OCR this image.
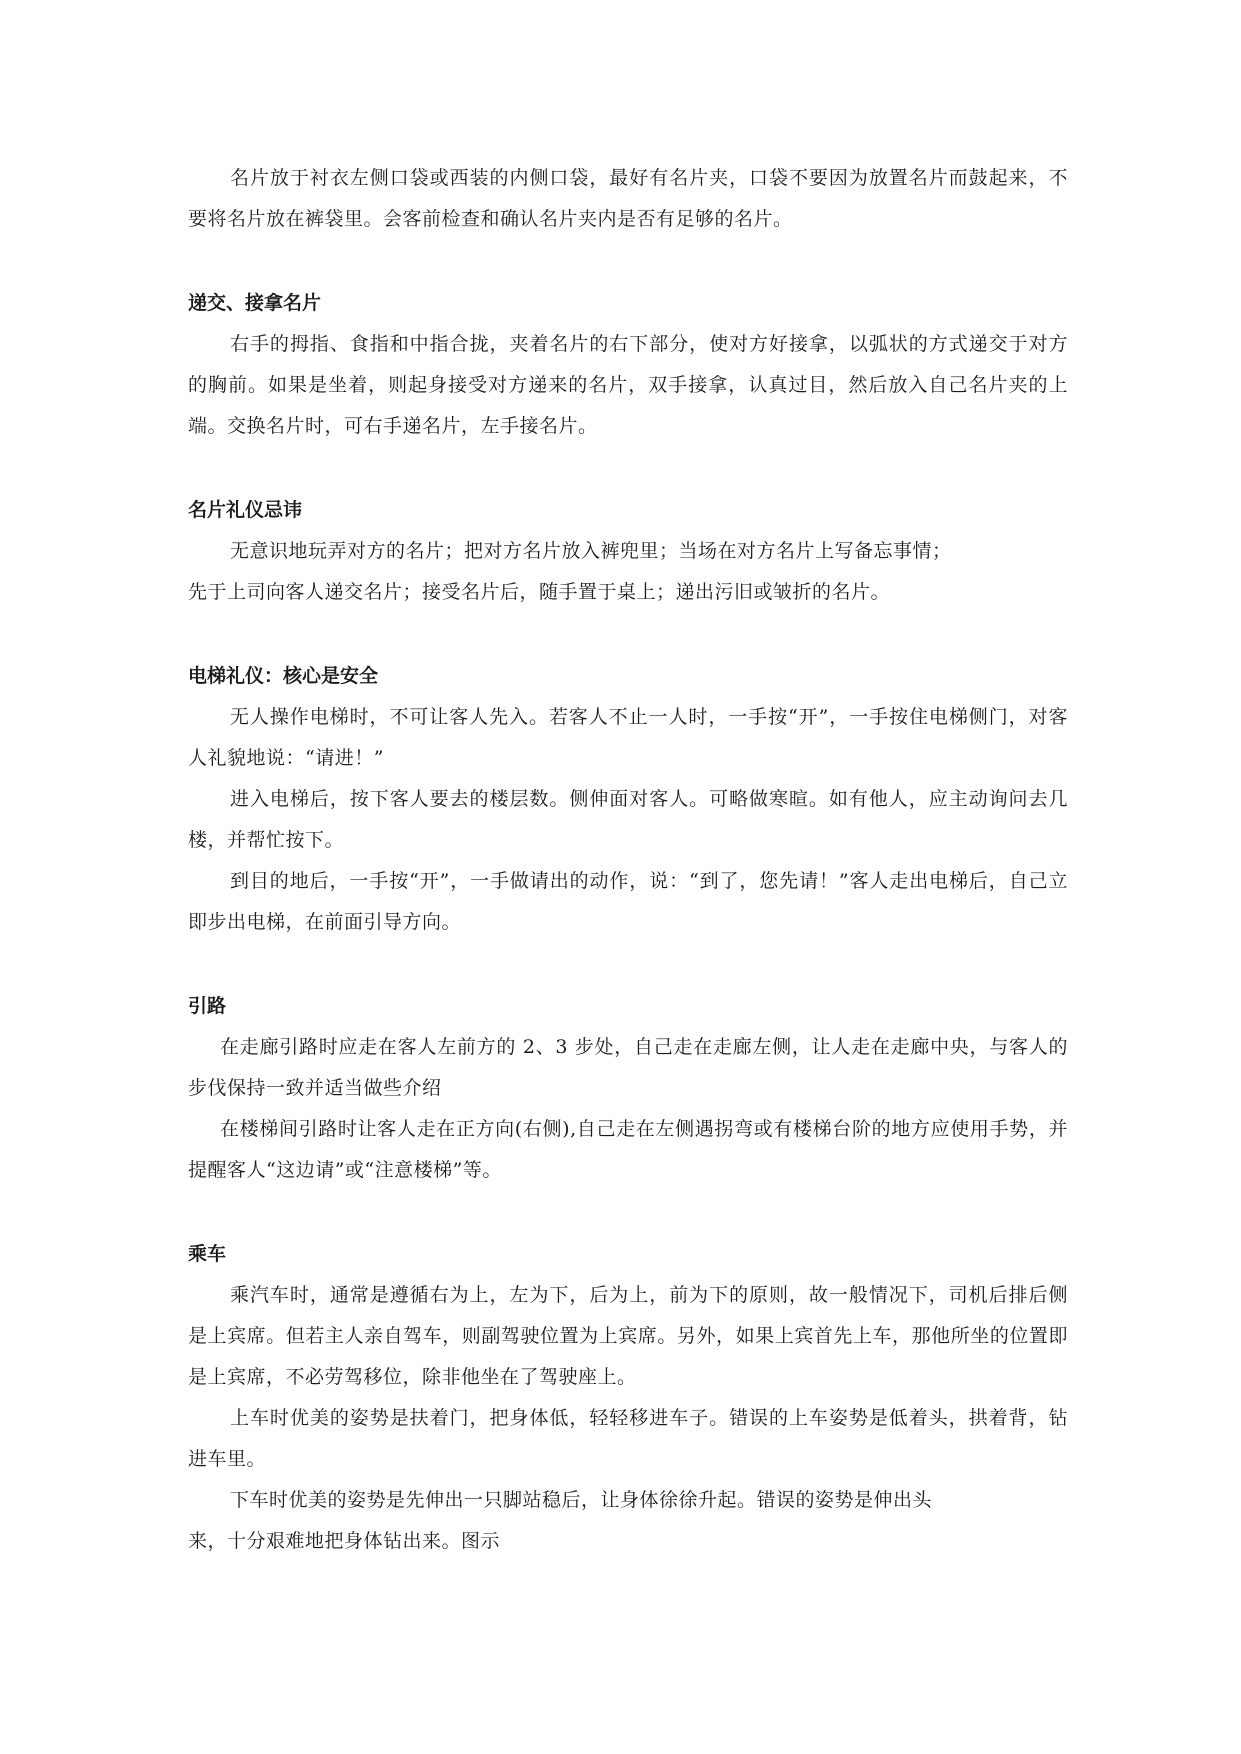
名片放于衬衣左侧口袋或西装的内侧口袋，最好有名片夹，口袋不要因为放置名片而鼓起来，不要将名片放在裤袋里。会客前检查和确认名片夹内是否有足够的名片。

递交、接拿名片

右手的拇指、食指和中指合拢，夹着名片的右下部分，使对方好接拿，以弧状的方式递交于对方的胸前。如果是坐着，则起身接受对方递来的名片，双手接拿，认真过目，然后放入自己名片夹的上端。交换名片时，可右手递名片，左手接名片。

名片礼仪忌讳

无意识地玩弄对方的名片；把对方名片放入裤兜里；当场在对方名片上写备忘事情；

先于上司向客人递交名片；接受名片后，随手置于桌上；递出污旧或皱折的名片。

电梯礼仪：核心是安全

无人操作电梯时，不可让客人先入。若客人不止一人时，一手按“开”，一手按住电梯侧门，对客人礼貌地说：“请进！”

进入电梯后，按下客人要去的楼层数。侧伸面对客人。可略做寒暄。如有他人，应主动询问去几楼，并帮忙按下。

到目的地后，一手按“开”，一手做请出的动作，说：“到了，您先请！”客人走出电梯后，自己立即步出电梯，在前面引导方向。

引路

在走廊引路时应走在客人左前方的 2、3 步处，自己走在走廊左侧，让人走在走廊中央，与客人的步伐保持一致并适当做些介绍

在楼梯间引路时让客人走在正方向(右侧),自己走在左侧遇拐弯或有楼梯台阶的地方应使用手势，并提醒客人“这边请”或“注意楼梯”等。

乘车

乘汽车时，通常是遵循右为上，左为下，后为上，前为下的原则，故一般情况下，司机后排后侧是上宾席。但若主人亲自驾车，则副驾驶位置为上宾席。另外，如果上宾首先上车，那他所坐的位置即是上宾席，不必劳驾移位，除非他坐在了驾驶座上。

上车时优美的姿势是扶着门，把身体低，轻轻移进车子。错误的上车姿势是低着头，拱着背，钻进车里。

下车时优美的姿势是先伸出一只脚站稳后，让身体徐徐升起。错误的姿势是伸出头

来，十分艰难地把身体钻出来。图示
